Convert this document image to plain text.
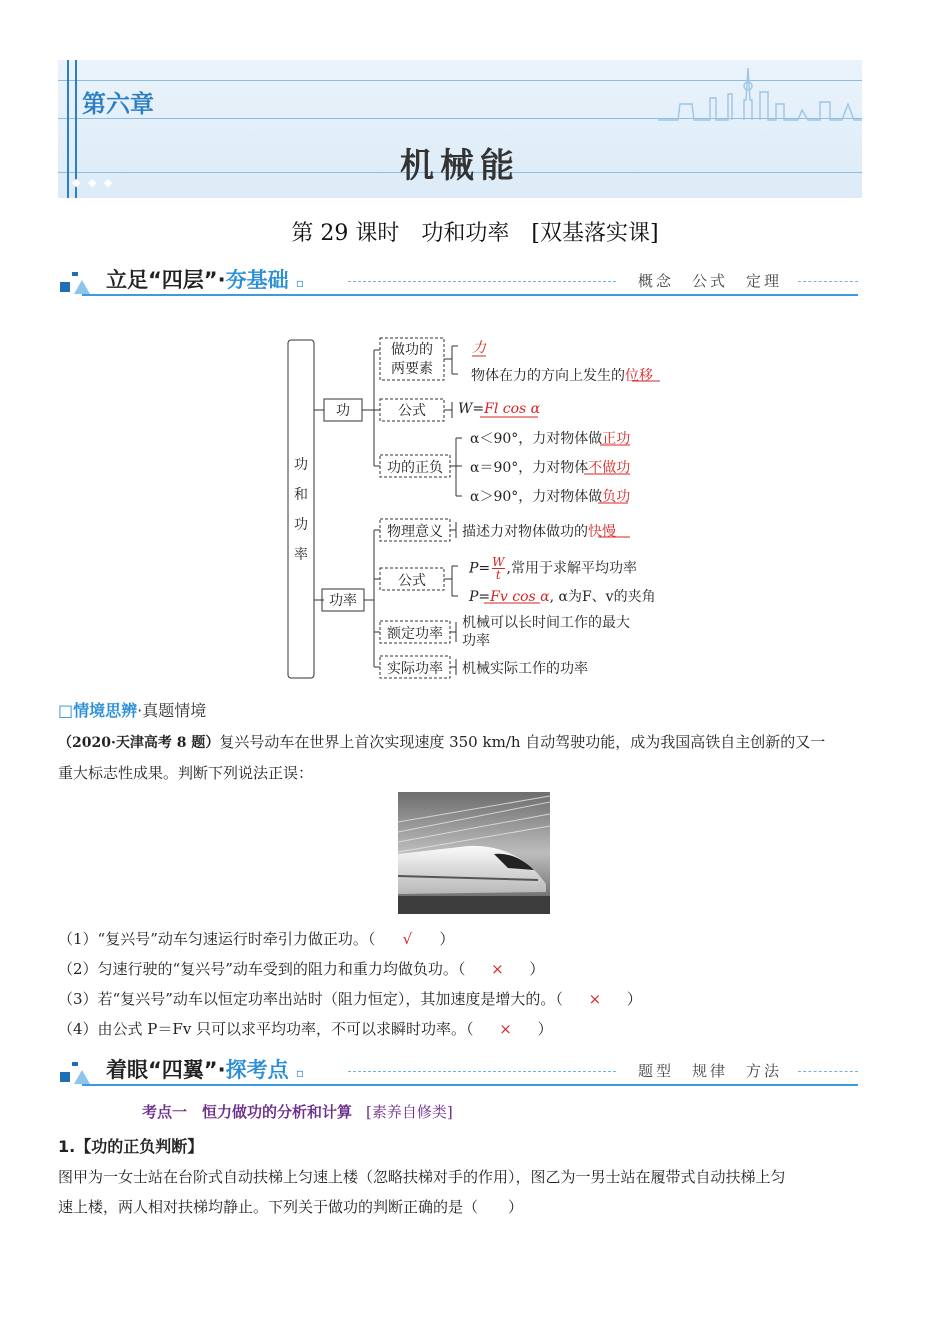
第六章
机械能
◆ ◆ ◆
第 29 课时　功和功率　[双基落实课]
立足“四层”·夯基础 ▫	概念　公式　定理
功
和
功
率
功
功率
做功的
两要素
力
物体在力的方向上发生的位移
公式	W=Fl cos α
功的正负
α＜90°，力对物体做正功
α＝90°，力对物体不做功
α＞90°，力对物体做负功
物理意义	描述力对物体做功的快慢
公式
$P= \frac{W}{t}$ ,常用于求解平均功率
P=Fv cos α, α为F、v的夹角
额定功率
机械可以长时间工作的最大
功率
实际功率	机械实际工作的功率
□情境思辨·真题情境
（2020·天津高考 8 题）复兴号动车在世界上首次实现速度 350 km/h 自动驾驶功能，成为我国高铁自主创新的又一
重大标志性成果。判断下列说法正误：
（1）“复兴号”动车匀速运行时牵引力做正功。（ √ ）
（2）匀速行驶的“复兴号”动车受到的阻力和重力均做负功。（ × ）
（3）若“复兴号”动车以恒定功率出站时（阻力恒定），其加速度是增大的。（ × ）
（4）由公式 P＝Fv 只可以求平均功率，不可以求瞬时功率。（ × ）
着眼“四翼”·探考点 ▫	题型　规律　方法
考点一　恒力做功的分析和计算 [素养自修类]
1.【功的正负判断】
图甲为一女士站在台阶式自动扶梯上匀速上楼（忽略扶梯对手的作用），图乙为一男士站在履带式自动扶梯上匀
速上楼，两人相对扶梯均静止。下列关于做功的判断正确的是（　　）
